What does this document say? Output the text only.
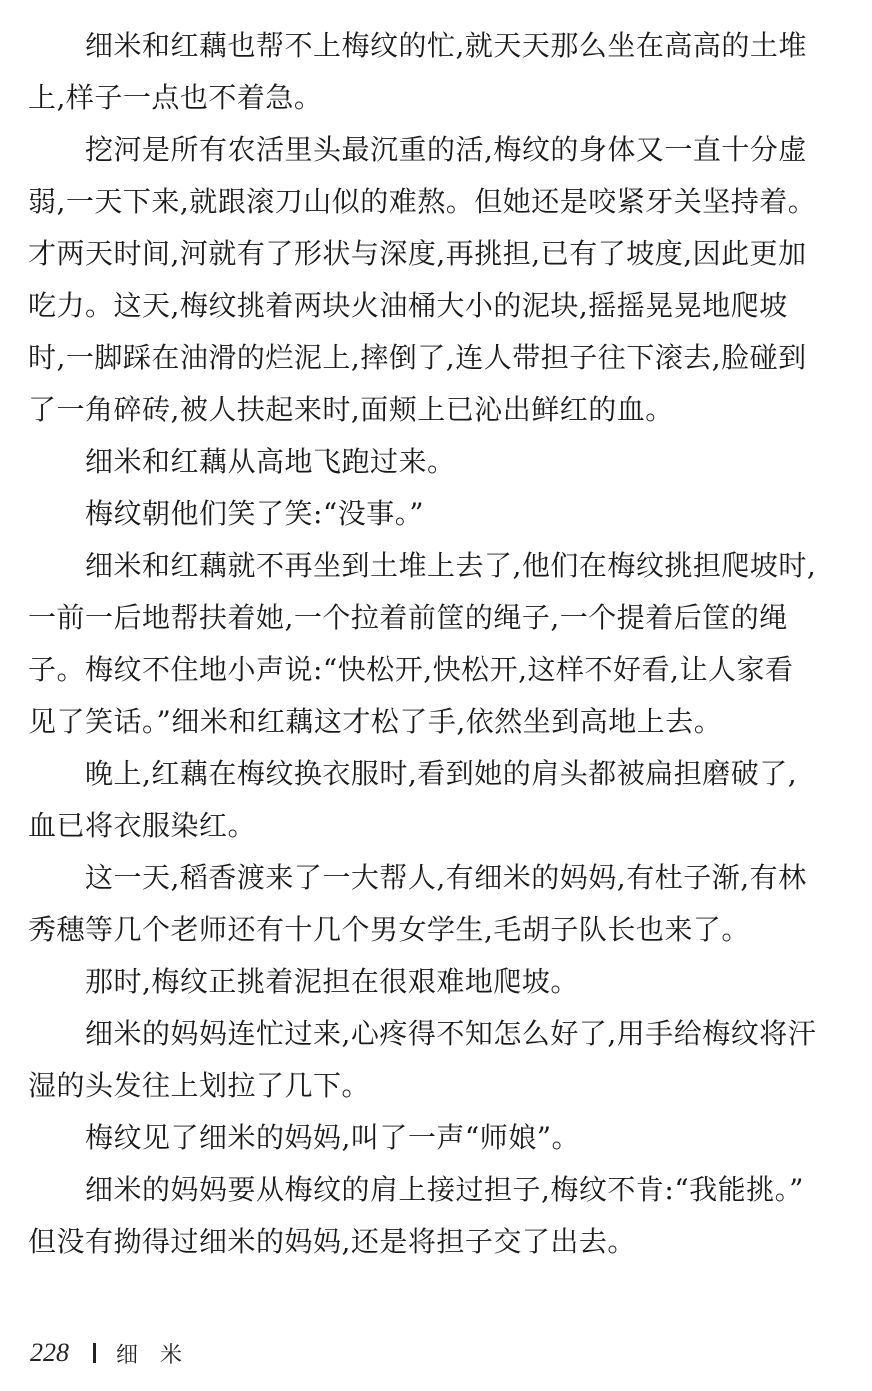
细米和红藕也帮不上梅纹的忙,就天天那么坐在高高的土堆
上,样子一点也不着急。
挖河是所有农活里头最沉重的活,梅纹的身体又一直十分虚
弱,一天下来,就跟滚刀山似的难熬。但她还是咬紧牙关坚持着。
才两天时间,河就有了形状与深度,再挑担,已有了坡度,因此更加
吃力。这天,梅纹挑着两块火油桶大小的泥块,摇摇晃晃地爬坡
时,一脚踩在油滑的烂泥上,摔倒了,连人带担子往下滚去,脸碰到
了一角碎砖,被人扶起来时,面颊上已沁出鲜红的血。
细米和红藕从高地飞跑过来。
梅纹朝他们笑了笑:“没事。”
细米和红藕就不再坐到土堆上去了,他们在梅纹挑担爬坡时,
一前一后地帮扶着她,一个拉着前筐的绳子,一个提着后筐的绳
子。梅纹不住地小声说:“快松开,快松开,这样不好看,让人家看
见了笑话。”细米和红藕这才松了手,依然坐到高地上去。
晚上,红藕在梅纹换衣服时,看到她的肩头都被扁担磨破了,
血已将衣服染红。
这一天,稻香渡来了一大帮人,有细米的妈妈,有杜子渐,有林
秀穗等几个老师还有十几个男女学生,毛胡子队长也来了。
那时,梅纹正挑着泥担在很艰难地爬坡。
细米的妈妈连忙过来,心疼得不知怎么好了,用手给梅纹将汗
湿的头发往上划拉了几下。
梅纹见了细米的妈妈,叫了一声“师娘”。
细米的妈妈要从梅纹的肩上接过担子,梅纹不肯:“我能挑。”
但没有拗得过细米的妈妈,还是将担子交了出去。
228 细米
